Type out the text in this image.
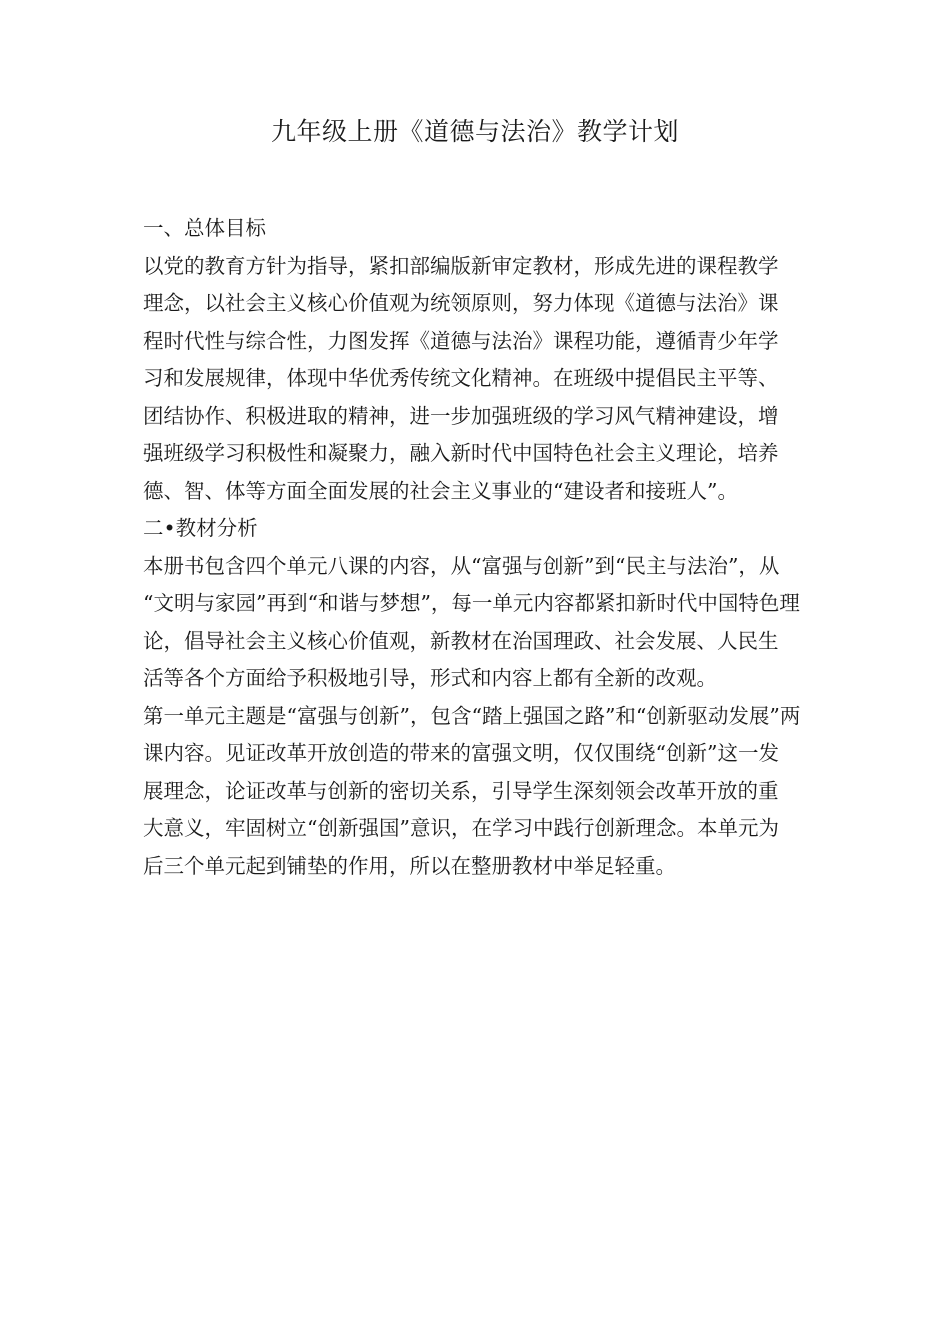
九年级上册《道德与法治》教学计划

一、总体目标

以党的教育方针为指导，紧扣部编版新审定教材，形成先进的课程教学
理念，以社会主义核心价值观为统领原则，努力体现《道德与法治》课
程时代性与综合性，力图发挥《道德与法治》课程功能，遵循青少年学
习和发展规律，体现中华优秀传统文化精神。在班级中提倡民主平等、
团结协作、积极进取的精神，进一步加强班级的学习风气精神建设，增
强班级学习积极性和凝聚力，融入新时代中国特色社会主义理论，培养
德、智、体等方面全面发展的社会主义事业的“建设者和接班人”。

二•教材分析

本册书包含四个单元八课的内容，从“富强与创新”到“民主与法治”，从
“文明与家园”再到“和谐与梦想”，每一单元内容都紧扣新时代中国特色理
论，倡导社会主义核心价值观，新教材在治国理政、社会发展、人民生
活等各个方面给予积极地引导，形式和内容上都有全新的改观。

第一单元主题是“富强与创新”，包含“踏上强国之路”和“创新驱动发展”两
课内容。见证改革开放创造的带来的富强文明，仅仅围绕“创新”这一发
展理念，论证改革与创新的密切关系，引导学生深刻领会改革开放的重
大意义，牢固树立“创新强国”意识，在学习中践行创新理念。本单元为
后三个单元起到铺垫的作用，所以在整册教材中举足轻重。
